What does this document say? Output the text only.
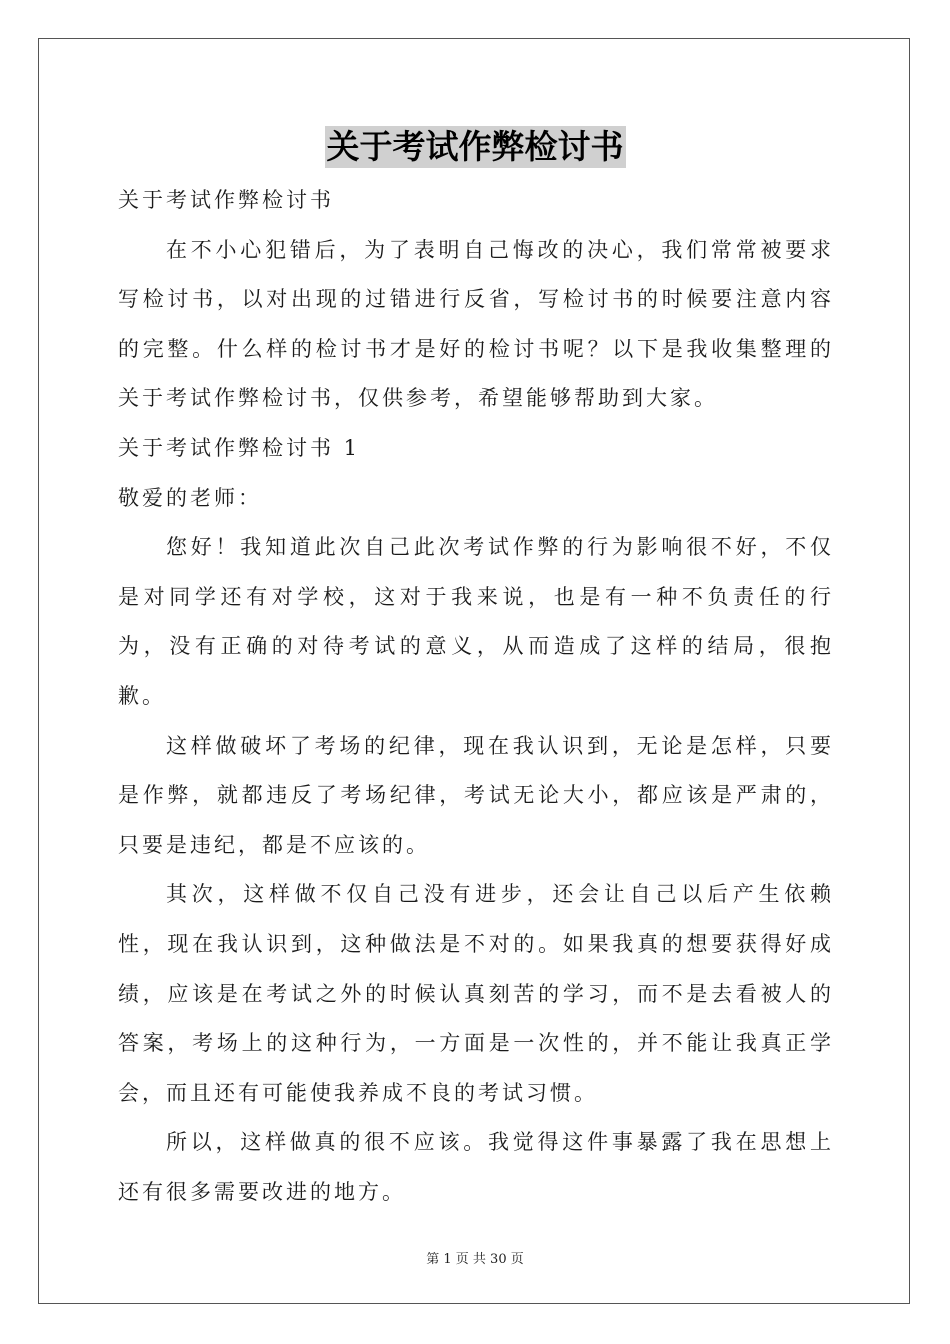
关于考试作弊检讨书

关于考试作弊检讨书

在不小心犯错后，为了表明自己悔改的决心，我们常常被要求写检讨书，以对出现的过错进行反省，写检讨书的时候要注意内容的完整。什么样的检讨书才是好的检讨书呢？以下是我收集整理的关于考试作弊检讨书，仅供参考，希望能够帮助到大家。

关于考试作弊检讨书 1

敬爱的老师：

您好！我知道此次自己此次考试作弊的行为影响很不好，不仅是对同学还有对学校，这对于我来说，也是有一种不负责任的行为，没有正确的对待考试的意义，从而造成了这样的结局，很抱歉。

这样做破坏了考场的纪律，现在我认识到，无论是怎样，只要是作弊，就都违反了考场纪律，考试无论大小，都应该是严肃的，只要是违纪，都是不应该的。

其次，这样做不仅自己没有进步，还会让自己以后产生依赖性，现在我认识到，这种做法是不对的。如果我真的想要获得好成绩，应该是在考试之外的时候认真刻苦的学习，而不是去看被人的答案，考场上的这种行为，一方面是一次性的，并不能让我真正学会，而且还有可能使我养成不良的考试习惯。

所以，这样做真的很不应该。我觉得这件事暴露了我在思想上还有很多需要改进的地方。

第 1 页 共 30 页
